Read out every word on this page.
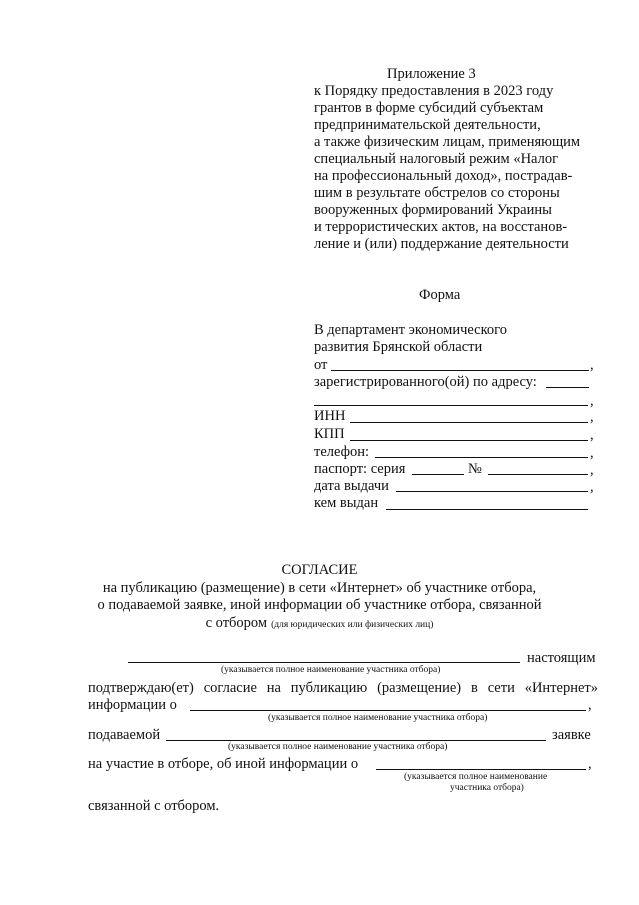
Приложение 3
к Порядку предоставления в 2023 году
грантов в форме субсидий субъектам
предпринимательской деятельности,
а также физическим лицам, применяющим
специальный налоговый режим «Налог
на профессиональный доход», пострадав-
шим в результате обстрелов со стороны
вооруженных формирований Украины
и террористических актов, на восстанов-
ление и (или) поддержание деятельности
Форма
В департамент экономического
развития Брянской области
от	,
зарегистрированного(ой) по адресу:
,
ИНН	,
КПП	,
телефон:	,
паспорт: серия	№	,
дата выдачи	,
кем выдан
СОГЛАСИЕ
на публикацию (размещение) в сети «Интернет» об участнике отбора,
о подаваемой заявке, иной информации об участнике отбора, связанной
с отбором (для юридических или физических лиц)
настоящим
(указывается полное наименование участника отбора)
подтверждаю(ет) согласие на публикацию (размещение) в сети «Интернет»
информации о	,
(указывается полное наименование участника отбора)
подаваемой	заявке
(указывается полное наименование участника отбора)
на участие в отборе, об иной информации о	,
(указывается полное наименование
участника отбора)
связанной с отбором.
